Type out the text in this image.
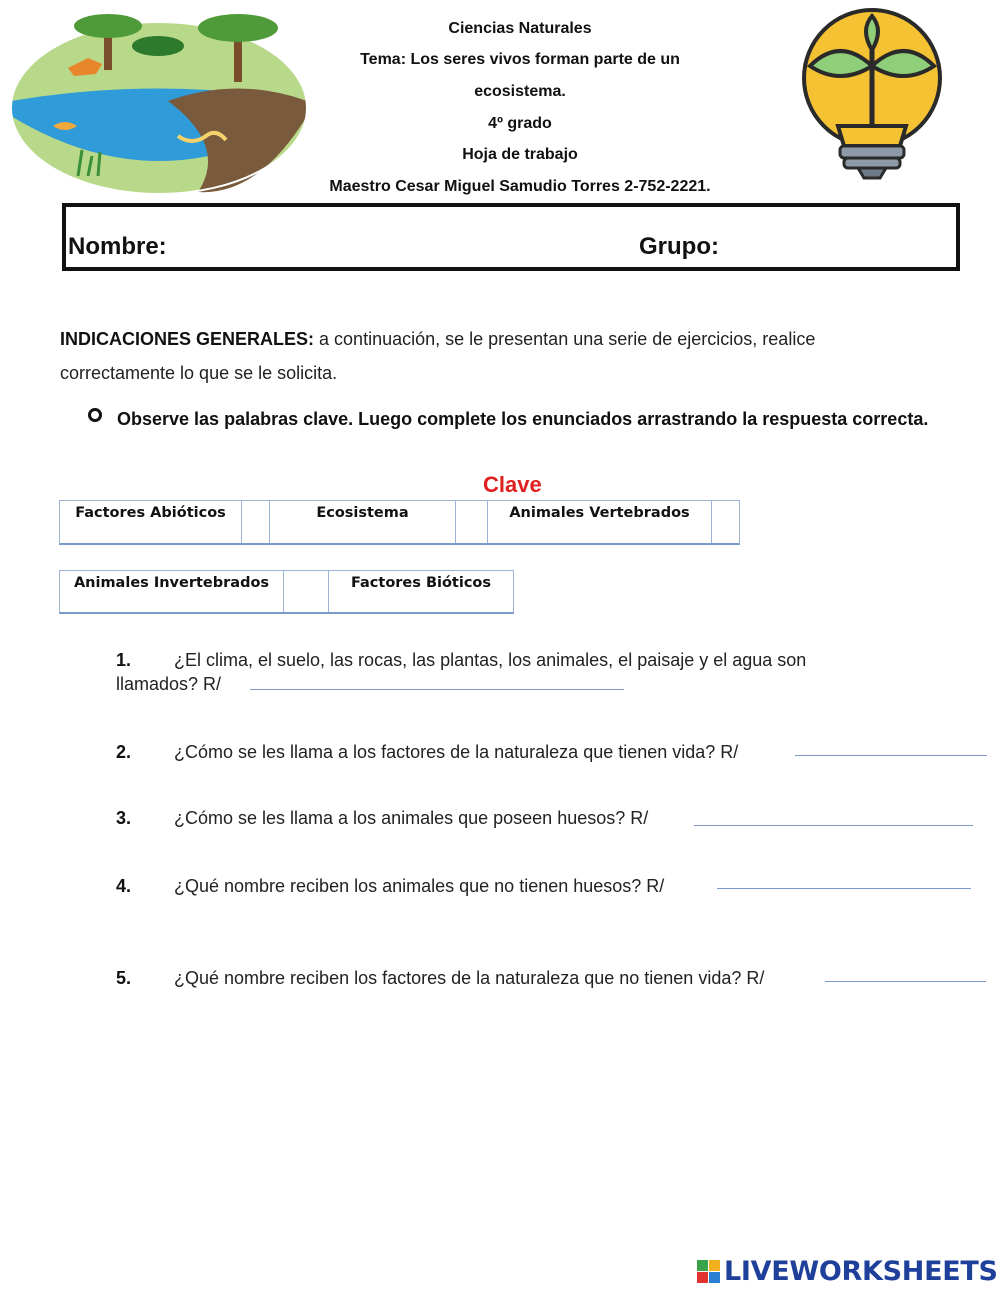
Ciencias Naturales
Tema: Los seres vivos forman parte de un
ecosistema.
4º grado
Hoja de trabajo
Maestro Cesar Miguel Samudio Torres 2-752-2221.
Nombre:	Grupo:
INDICACIONES GENERALES: a continuación, se le presentan una serie de ejercicios, realice correctamente lo que se le solicita.
Observe las palabras clave. Luego complete los enunciados arrastrando la respuesta correcta.
Clave
Factores Abióticos	Ecosistema	Animales Vertebrados
Animales Invertebrados	Factores Bióticos
1. ¿El clima, el suelo, las rocas, las plantas, los animales, el paisaje y el agua son
llamados? R/
2. ¿Cómo se les llama a los factores de la naturaleza que tienen vida? R/
3. ¿Cómo se les llama a los animales que poseen huesos? R/
4. ¿Qué nombre reciben los animales que no tienen huesos? R/
5. ¿Qué nombre reciben los factores de la naturaleza que no tienen vida? R/
LIVEWORKSHEETS
